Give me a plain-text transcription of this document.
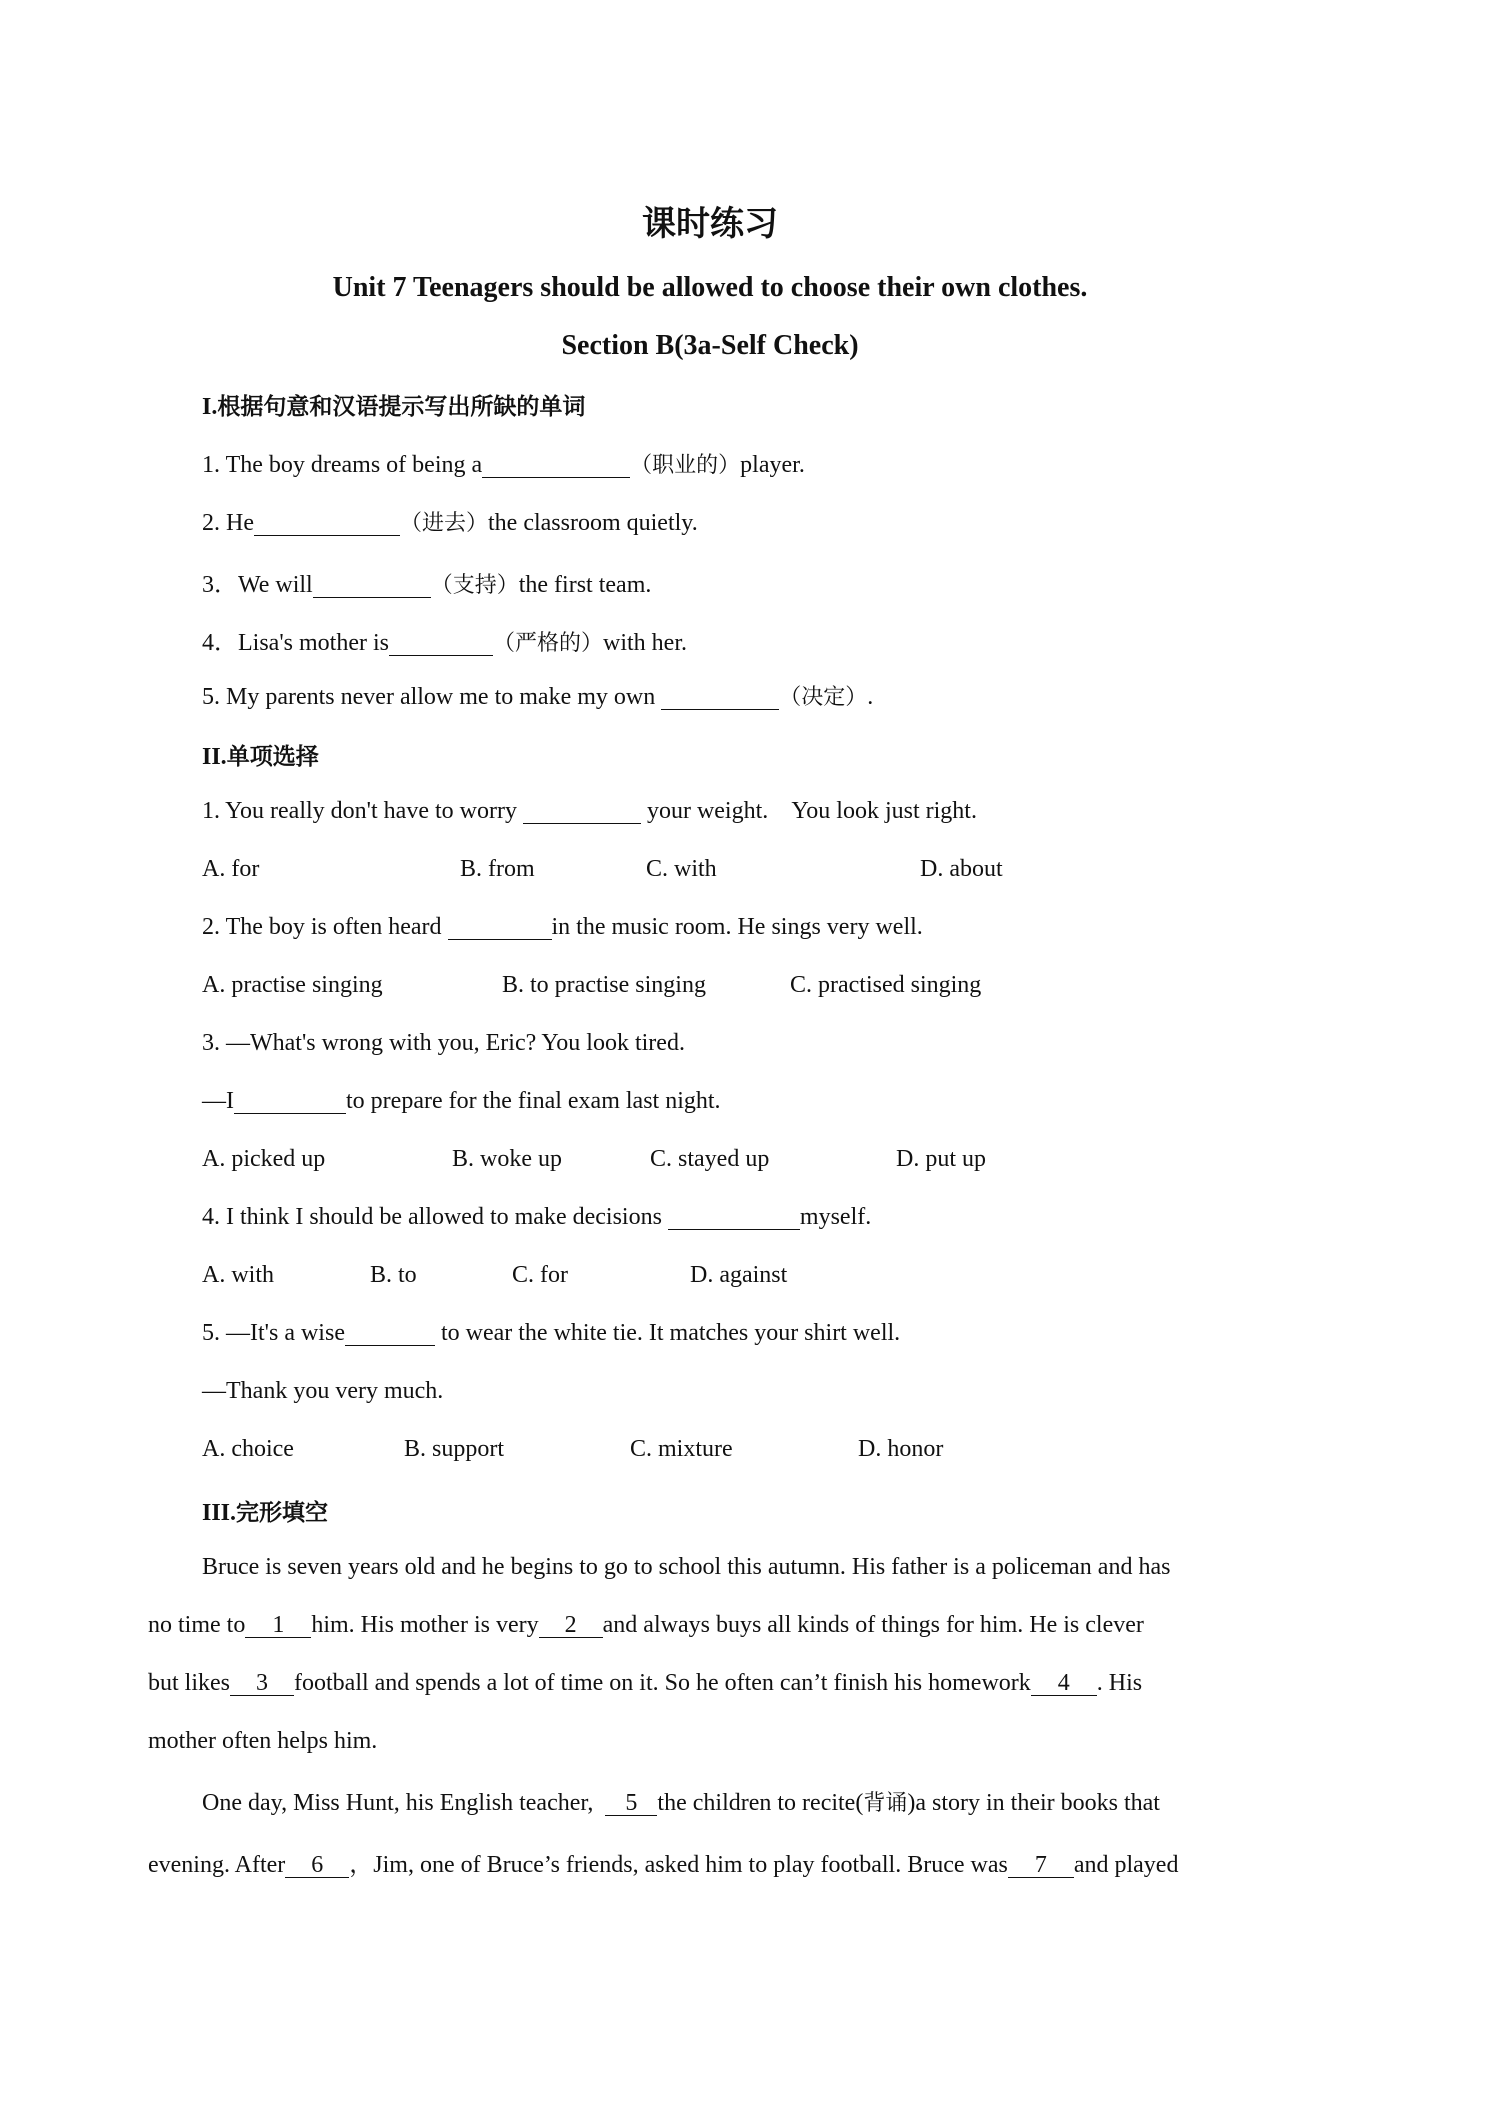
课时练习
Unit 7 Teenagers should be allowed to choose their own clothes.
Section B(3a-Self Check)
I.根据句意和汉语提示写出所缺的单词
1. The boy dreams of being a	（职业的）player.
2. He	（进去）the classroom quietly.
3．We will	（支持）the first team.
4．Lisa's mother is	（严格的）with her.
5. My parents never allow me to make my own	（决定）.
II.单项选择
1. You really don't have to worry	your weight.    You look just right.
A. for	B. from	C. with	D. about
2. The boy is often heard	in the music room. He sings very well.
A. practise singing	B. to practise singing	C. practised singing
3. —What's wrong with you, Eric? You look tired.
—I	to prepare for the final exam last night.
A. picked up	B. woke up	C. stayed up	D. put up
4. I think I should be allowed to make decisions	myself.
A. with	B. to	C. for	D. against
5. —It's a wise	to wear the white tie. It matches your shirt well.
—Thank you very much.
A. choice	B. support	C. mixture	D. honor
III.完形填空
Bruce is seven years old and he begins to go to school this autumn. His father is a policeman and has
no time to 1 him. His mother is very 2 and always buys all kinds of things for him. He is clever
but likes 3 football and spends a lot of time on it. So he often can’t finish his homework 4 . His
mother often helps him.
One day, Miss Hunt, his English teacher,  5 the children to recite(背诵)a story in their books that
evening. After 6 ，Jim, one of Bruce’s friends, asked him to play football. Bruce was 7 and played
